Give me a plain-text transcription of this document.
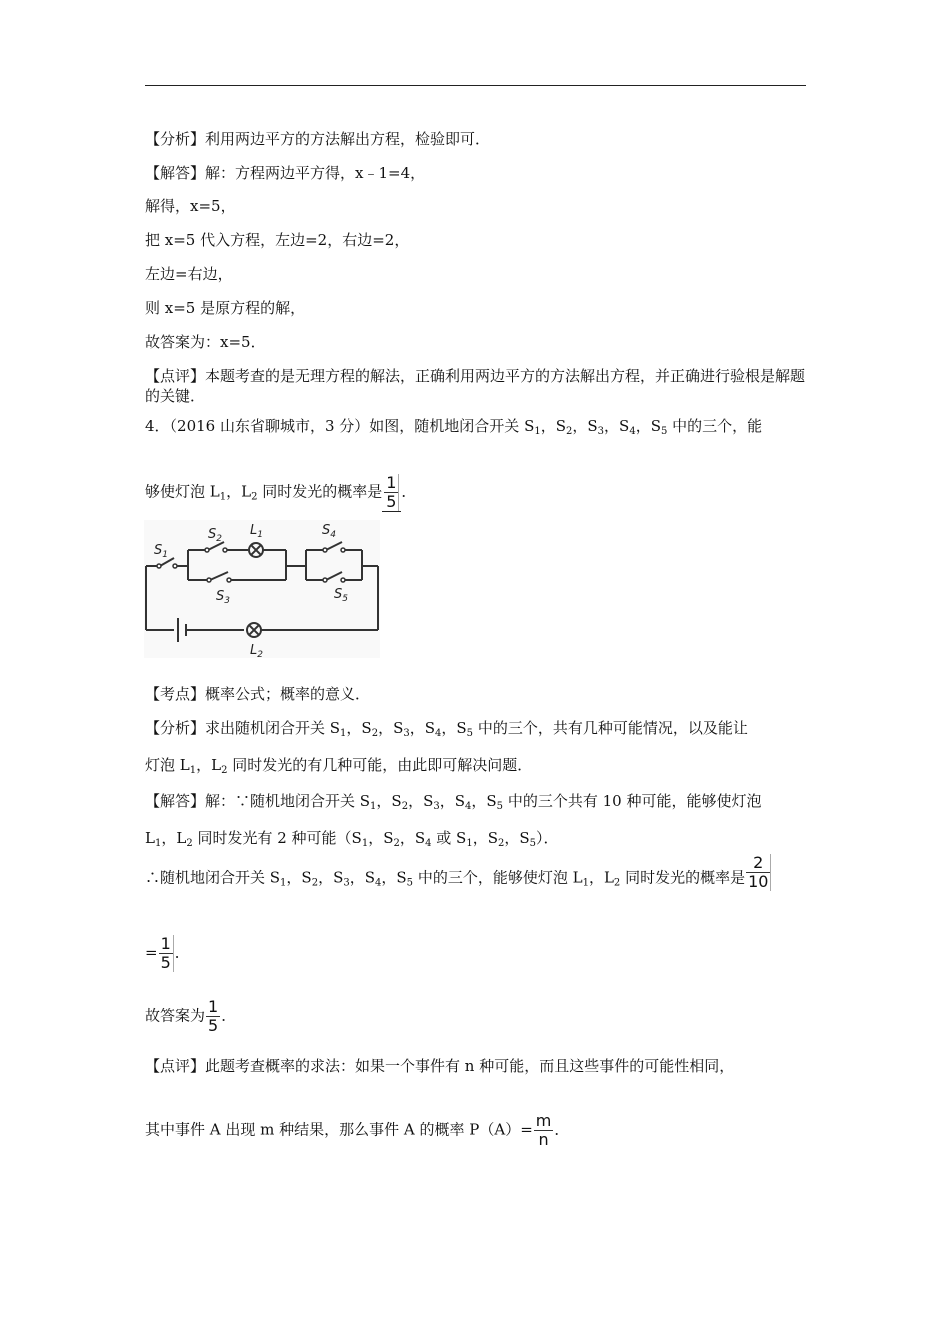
【分析】利用两边平方的方法解出方程，检验即可．
【解答】解：方程两边平方得，x﹣1=4，
解得，x=5，
把 x=5 代入方程，左边=2，右边=2，
左边=右边，
则 x=5 是原方程的解，
故答案为：x=5．
【点评】本题考查的是无理方程的解法，正确利用两边平方的方法解出方程，并正确进行验根是解题的关键．
4．（2016 山东省聊城市，3 分）如图，随机地闭合开关 $S_1$，$S_2$，$S_3$，$S_4$，$S_5$ 中的三个，能
够使灯泡 $L_1$，$L_2$ 同时发光的概率是 $\frac{1}{5}$ ．
$S_1$
$S_2$
$L_1$
$S_3$
$S_4$
$S_5$
$L_2$
【考点】概率公式；概率的意义．
【分析】求出随机闭合开关 $S_1$，$S_2$，$S_3$，$S_4$，$S_5$ 中的三个，共有几种可能情况，以及能让
灯泡 $L_1$，$L_2$ 同时发光的有几种可能，由此即可解决问题．
【解答】解：∵随机地闭合开关 $S_1$，$S_2$，$S_3$，$S_4$，$S_5$ 中的三个共有 10 种可能，能够使灯泡
$L_1$，$L_2$ 同时发光有 2 种可能（$S_1$，$S_2$，$S_4$ 或 $S_1$，$S_2$，$S_5$）．
∴随机地闭合开关 $S_1$，$S_2$，$S_3$，$S_4$，$S_5$ 中的三个，能够使灯泡 $L_1$，$L_2$ 同时发光的概率是 $\frac{2}{10}$
= $\frac{1}{5}$ ．
故答案为 $\frac{1}{5}$ ．
【点评】此题考查概率的求法：如果一个事件有 n 种可能，而且这些事件的可能性相同，
其中事件 A 出现 m 种结果，那么事件 A 的概率 $P(A)= \frac{m}{n}$ ．
